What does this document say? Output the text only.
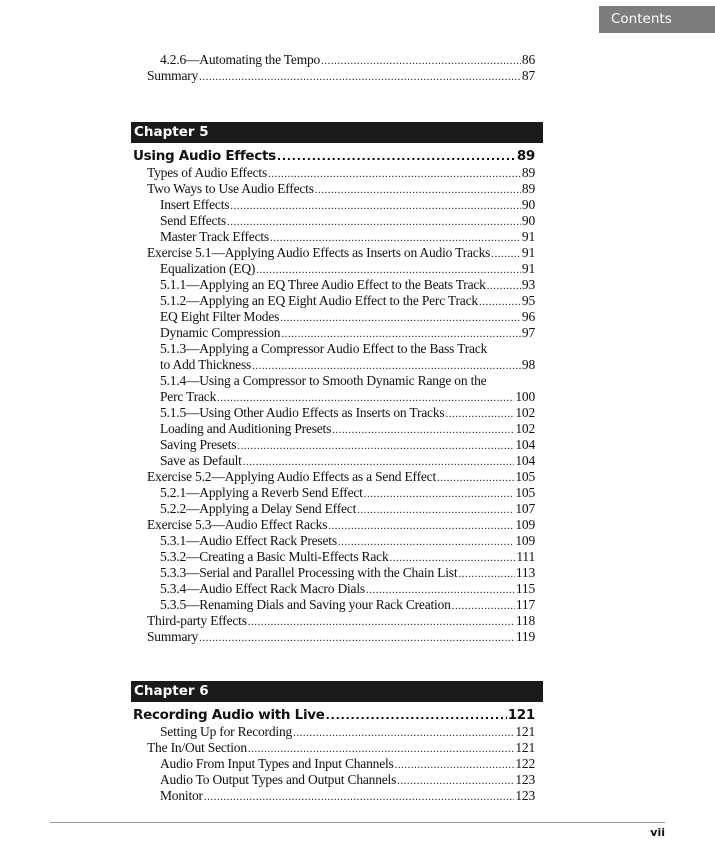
Contents
4.2.6—Automating the Tempo .....	86
Summary .....	87
Chapter 5
Using Audio Effects .....	89
Types of Audio Effects .....	89
Two Ways to Use Audio Effects .....	89
Insert Effects .....	90
Send Effects .....	90
Master Track Effects .....	91
Exercise 5.1—Applying Audio Effects as Inserts on Audio Tracks ..... 91
Equalization (EQ) .....	91
5.1.1—Applying an EQ Three Audio Effect to the Beats Track .....	93
5.1.2—Applying an EQ Eight Audio Effect to the Perc Track .....	95
EQ Eight Filter Modes .....	96
Dynamic Compression .....	97
5.1.3—Applying a Compressor Audio Effect to the Bass Track
to Add Thickness .....	98
5.1.4—Using a Compressor to Smooth Dynamic Range on the
Perc Track .....	100
5.1.5—Using Other Audio Effects as Inserts on Tracks .....	102
Loading and Auditioning Presets .....	102
Saving Presets .....	104
Save as Default .....	104
Exercise 5.2—Applying Audio Effects as a Send Effect .....	105
5.2.1—Applying a Reverb Send Effect .....	105
5.2.2—Applying a Delay Send Effect .....	107
Exercise 5.3—Audio Effect Racks .....	109
5.3.1—Audio Effect Rack Presets .....	109
5.3.2—Creating a Basic Multi-Effects Rack .....	111
5.3.3—Serial and Parallel Processing with the Chain List .....	113
5.3.4—Audio Effect Rack Macro Dials .....	115
5.3.5—Renaming Dials and Saving your Rack Creation .....	117
Third-party Effects .....	118
Summary .....	119
Chapter 6
Recording Audio with Live .....	121
Setting Up for Recording .....	121
The In/Out Section .....	121
Audio From Input Types and Input Channels .....	122
Audio To Output Types and Output Channels .....	123
Monitor .....	123
vii
